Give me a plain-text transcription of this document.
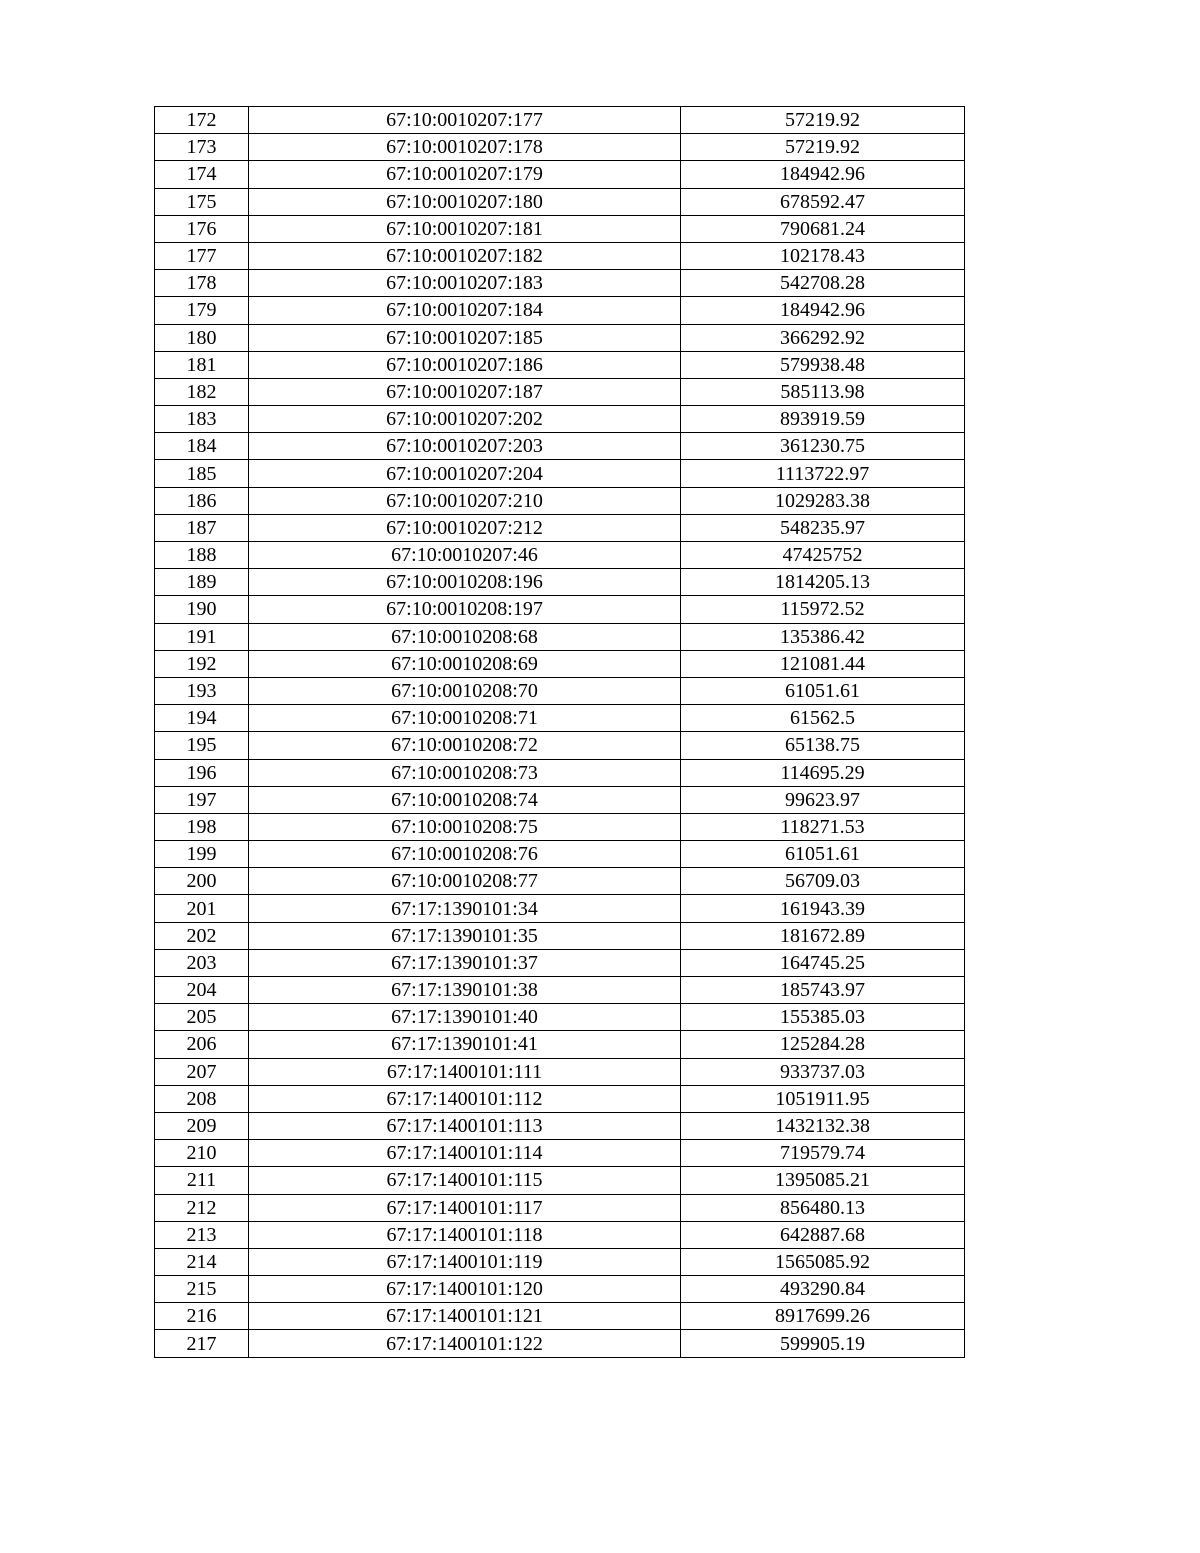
172	67:10:0010207:177	57219.92
173	67:10:0010207:178	57219.92
174	67:10:0010207:179	184942.96
175	67:10:0010207:180	678592.47
176	67:10:0010207:181	790681.24
177	67:10:0010207:182	102178.43
178	67:10:0010207:183	542708.28
179	67:10:0010207:184	184942.96
180	67:10:0010207:185	366292.92
181	67:10:0010207:186	579938.48
182	67:10:0010207:187	585113.98
183	67:10:0010207:202	893919.59
184	67:10:0010207:203	361230.75
185	67:10:0010207:204	1113722.97
186	67:10:0010207:210	1029283.38
187	67:10:0010207:212	548235.97
188	67:10:0010207:46	47425752
189	67:10:0010208:196	1814205.13
190	67:10:0010208:197	115972.52
191	67:10:0010208:68	135386.42
192	67:10:0010208:69	121081.44
193	67:10:0010208:70	61051.61
194	67:10:0010208:71	61562.5
195	67:10:0010208:72	65138.75
196	67:10:0010208:73	114695.29
197	67:10:0010208:74	99623.97
198	67:10:0010208:75	118271.53
199	67:10:0010208:76	61051.61
200	67:10:0010208:77	56709.03
201	67:17:1390101:34	161943.39
202	67:17:1390101:35	181672.89
203	67:17:1390101:37	164745.25
204	67:17:1390101:38	185743.97
205	67:17:1390101:40	155385.03
206	67:17:1390101:41	125284.28
207	67:17:1400101:111	933737.03
208	67:17:1400101:112	1051911.95
209	67:17:1400101:113	1432132.38
210	67:17:1400101:114	719579.74
211	67:17:1400101:115	1395085.21
212	67:17:1400101:117	856480.13
213	67:17:1400101:118	642887.68
214	67:17:1400101:119	1565085.92
215	67:17:1400101:120	493290.84
216	67:17:1400101:121	8917699.26
217	67:17:1400101:122	599905.19
